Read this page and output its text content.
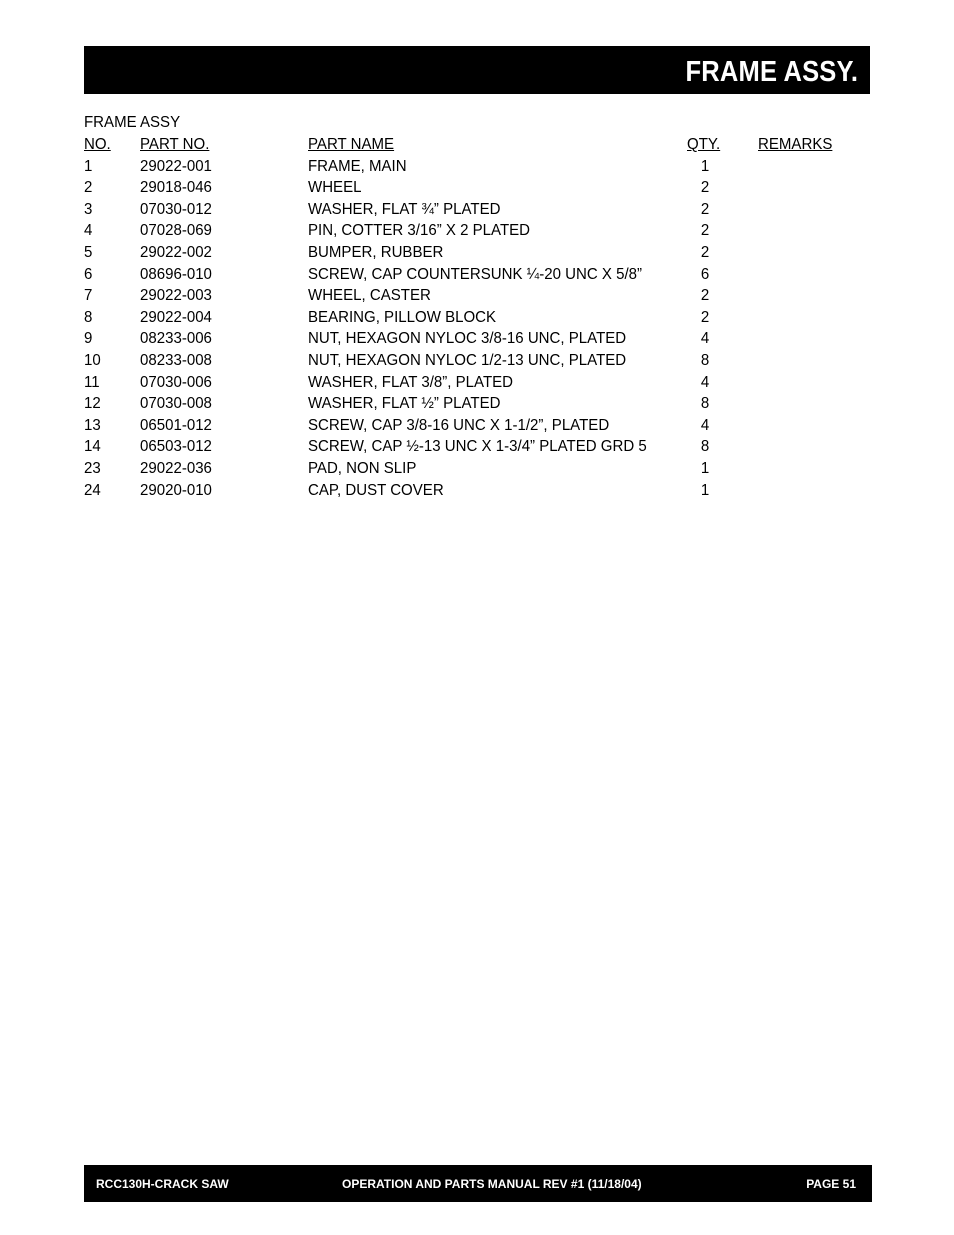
FRAME ASSY.
FRAME ASSY
NO. PART NO.	PART NAME	QTY. REMARKS
1	29022-001	FRAME, MAIN	1
2	29018-046	WHEEL	2
3	07030-012	WASHER, FLAT ¾” PLATED	2
4	07028-069	PIN, COTTER 3/16” X 2 PLATED	2
5	29022-002	BUMPER, RUBBER	2
6	08696-010	SCREW, CAP COUNTERSUNK ¼-20 UNC X 5/8”	6
7	29022-003	WHEEL, CASTER	2
8	29022-004	BEARING, PILLOW BLOCK	2
9	08233-006	NUT, HEXAGON NYLOC 3/8-16 UNC, PLATED	4
10 08233-008	NUT, HEXAGON NYLOC 1/2-13 UNC, PLATED	8
11	07030-006	WASHER, FLAT 3/8”, PLATED	4
12 07030-008	WASHER, FLAT ½” PLATED	8
13 06501-012	SCREW, CAP 3/8-16 UNC X 1-1/2”, PLATED	4
14 06503-012	SCREW, CAP ½-13 UNC X 1-3/4” PLATED GRD 5	8
23 29022-036	PAD, NON SLIP	1
24 29020-010	CAP, DUST COVER	1
RCC130H-CRACK SAW	OPERATION AND PARTS MANUAL REV #1 (11/18/04)	PAGE 51
